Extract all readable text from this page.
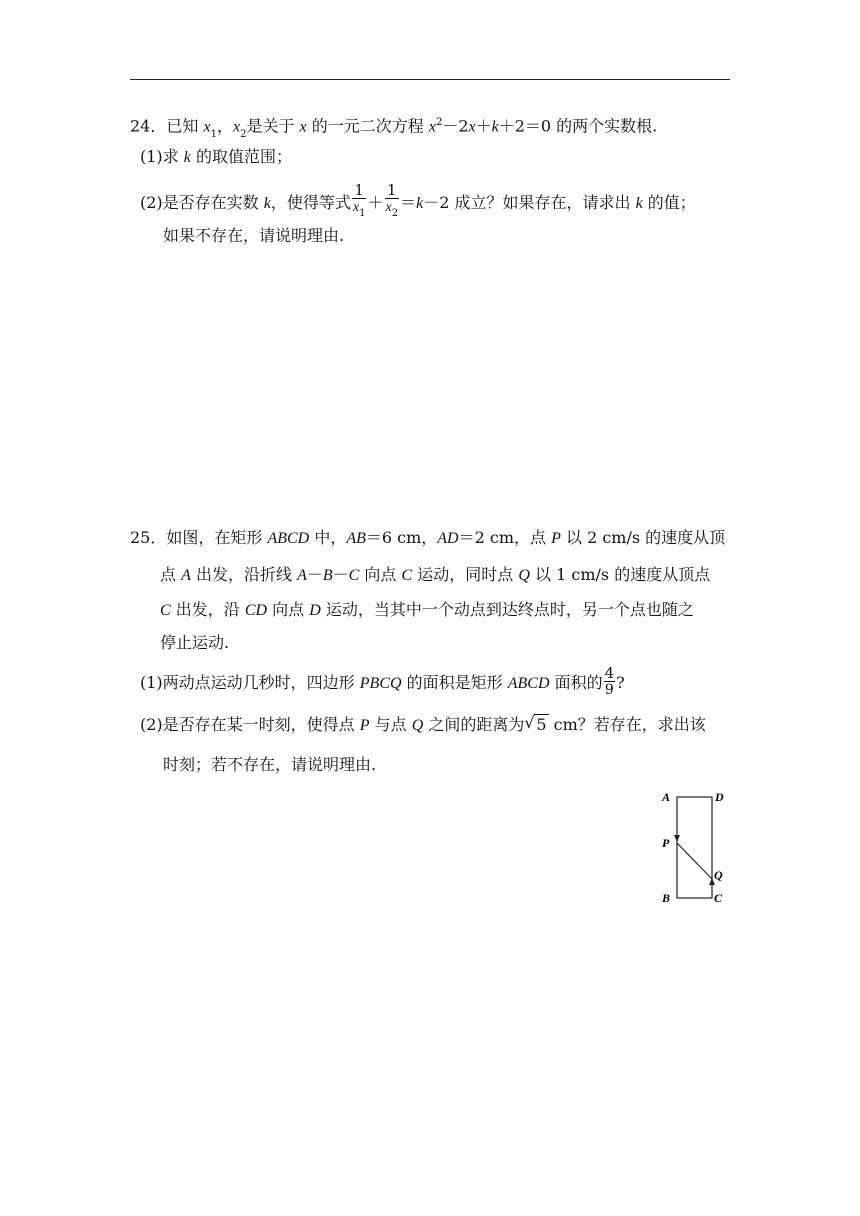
24．已知 $x_1$，$x_2$是关于 x 的一元二次方程 $x^2-2x+k+2=0$ 的两个实数根.
(1)求 k 的取值范围；
(2)是否存在实数 k，使得等式 $\frac{1}{x_1} + \frac{1}{x_2} =k-2$ 成立？如果存在，请求出 k 的值；
如果不存在，请说明理由.
25．如图，在矩形 ABCD 中，AB＝6 cm，AD＝2 cm，点 P 以 2 cm/s 的速度从顶
点 A 出发，沿折线 A－B－C 向点 C 运动，同时点 Q 以 1 cm/s 的速度从顶点
C 出发，沿 CD 向点 D 运动，当其中一个动点到达终点时，另一个点也随之
停止运动.
(1)两动点运动几秒时，四边形 PBCQ 的面积是矩形 ABCD 面积的 $\frac{4}{9}$ ?
(2)是否存在某一时刻，使得点 P 与点 Q 之间的距离为 √ 5 cm？若存在，求出该
时刻；若不存在，请说明理由.
A	D
P
Q
B	C
